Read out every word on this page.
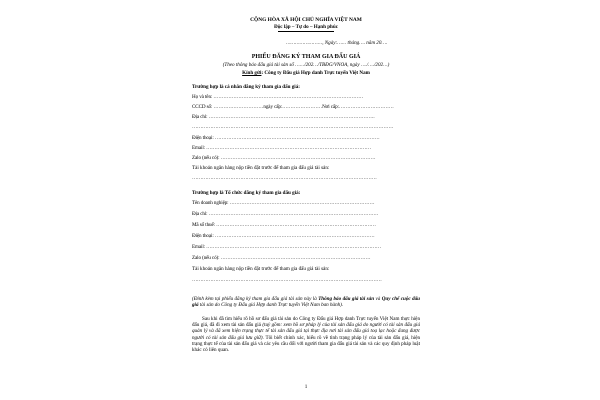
CỘNG HÒA XÃ HỘI CHỦ NGHĨA VIỆT NAM
Độc lập – Tự do – Hạnh phúc
……………………, Ngày:…… tháng…. năm 20….
PHIẾU ĐĂNG KÝ THAM GIA ĐẤU GIÁ
(Theo thông báo đấu giá tài sản số ……/202…/TBĐG/VNOA, ngày …./…./202…)
Kính gửi: Công ty Đấu giá Hợp danh Trực tuyến Việt Nam
Trường hợp là cá nhân đăng ký tham gia đấu giá:
Họ và tên: ………………………………………………………………………………
CCCD số: …………………………ngày cấp:……………………Nơi cấp:……………………………
Địa chỉ: ……………………………………………………………………………………….
………………………………………………………………………………………………………….
Điện thoại: ………………………………………………………………………………………
Email: ………………………………………………………………………………………
Zalo (nếu có): …………………………………………………………………………………
Tài khoản ngân hàng nộp tiền đặt trước để tham gia đấu giá tài sản:
…………………………………………………………………………………………………
Trường hợp là Tổ chức đăng ký tham gia đấu giá:
Tên doanh nghiệp: ……………………………………………………………………………
Địa chỉ: …………………………………………………………………………………………
Mã số thuế: ……………………………………………………………………………………
Điện thoại: ……………………………………………………………………………………
Email: ……………………………………………………………………………………………
Zalo (nếu có): ………………………………………………………………………………
Tài khoản ngân hàng nộp tiền đặt trước để tham gia đấu giá tài sản:
……………………………………………………………………………………………………
(Đính kèm tại phiếu đăng ký tham gia đấu giá tài sản này là Thông báo đấu giá tài sản và Quy chế cuộc đấu giá tài sản do Công ty Đấu giá Hợp danh Trực tuyến Việt Nam ban hành).
Sau khi đã tìm hiểu rõ hồ sơ đấu giá tài sản do Công ty Đấu giá Hợp danh Trực tuyến Việt Nam thực hiện đấu giá, đã đi xem tài sản đấu giá (tuỳ gồm: xem hồ sơ pháp lý của tài sản đấu giá do người có tài sản đấu giá quản lý và đã xem hiện trạng thực tế tài sản đấu giá tại thực địa nơi tài sản đấu giá toạ lạc hoặc đang được người có tài sản đấu giá lưu giữ). Tôi biết chính xác, hiểu rõ về tình trạng pháp lý của tài sản đấu giá, hiện trạng thực tế của tài sản đấu giá và các yêu cầu đối với người tham gia đấu giá tài sản và các quy định pháp luật khác có liên quan.
1
